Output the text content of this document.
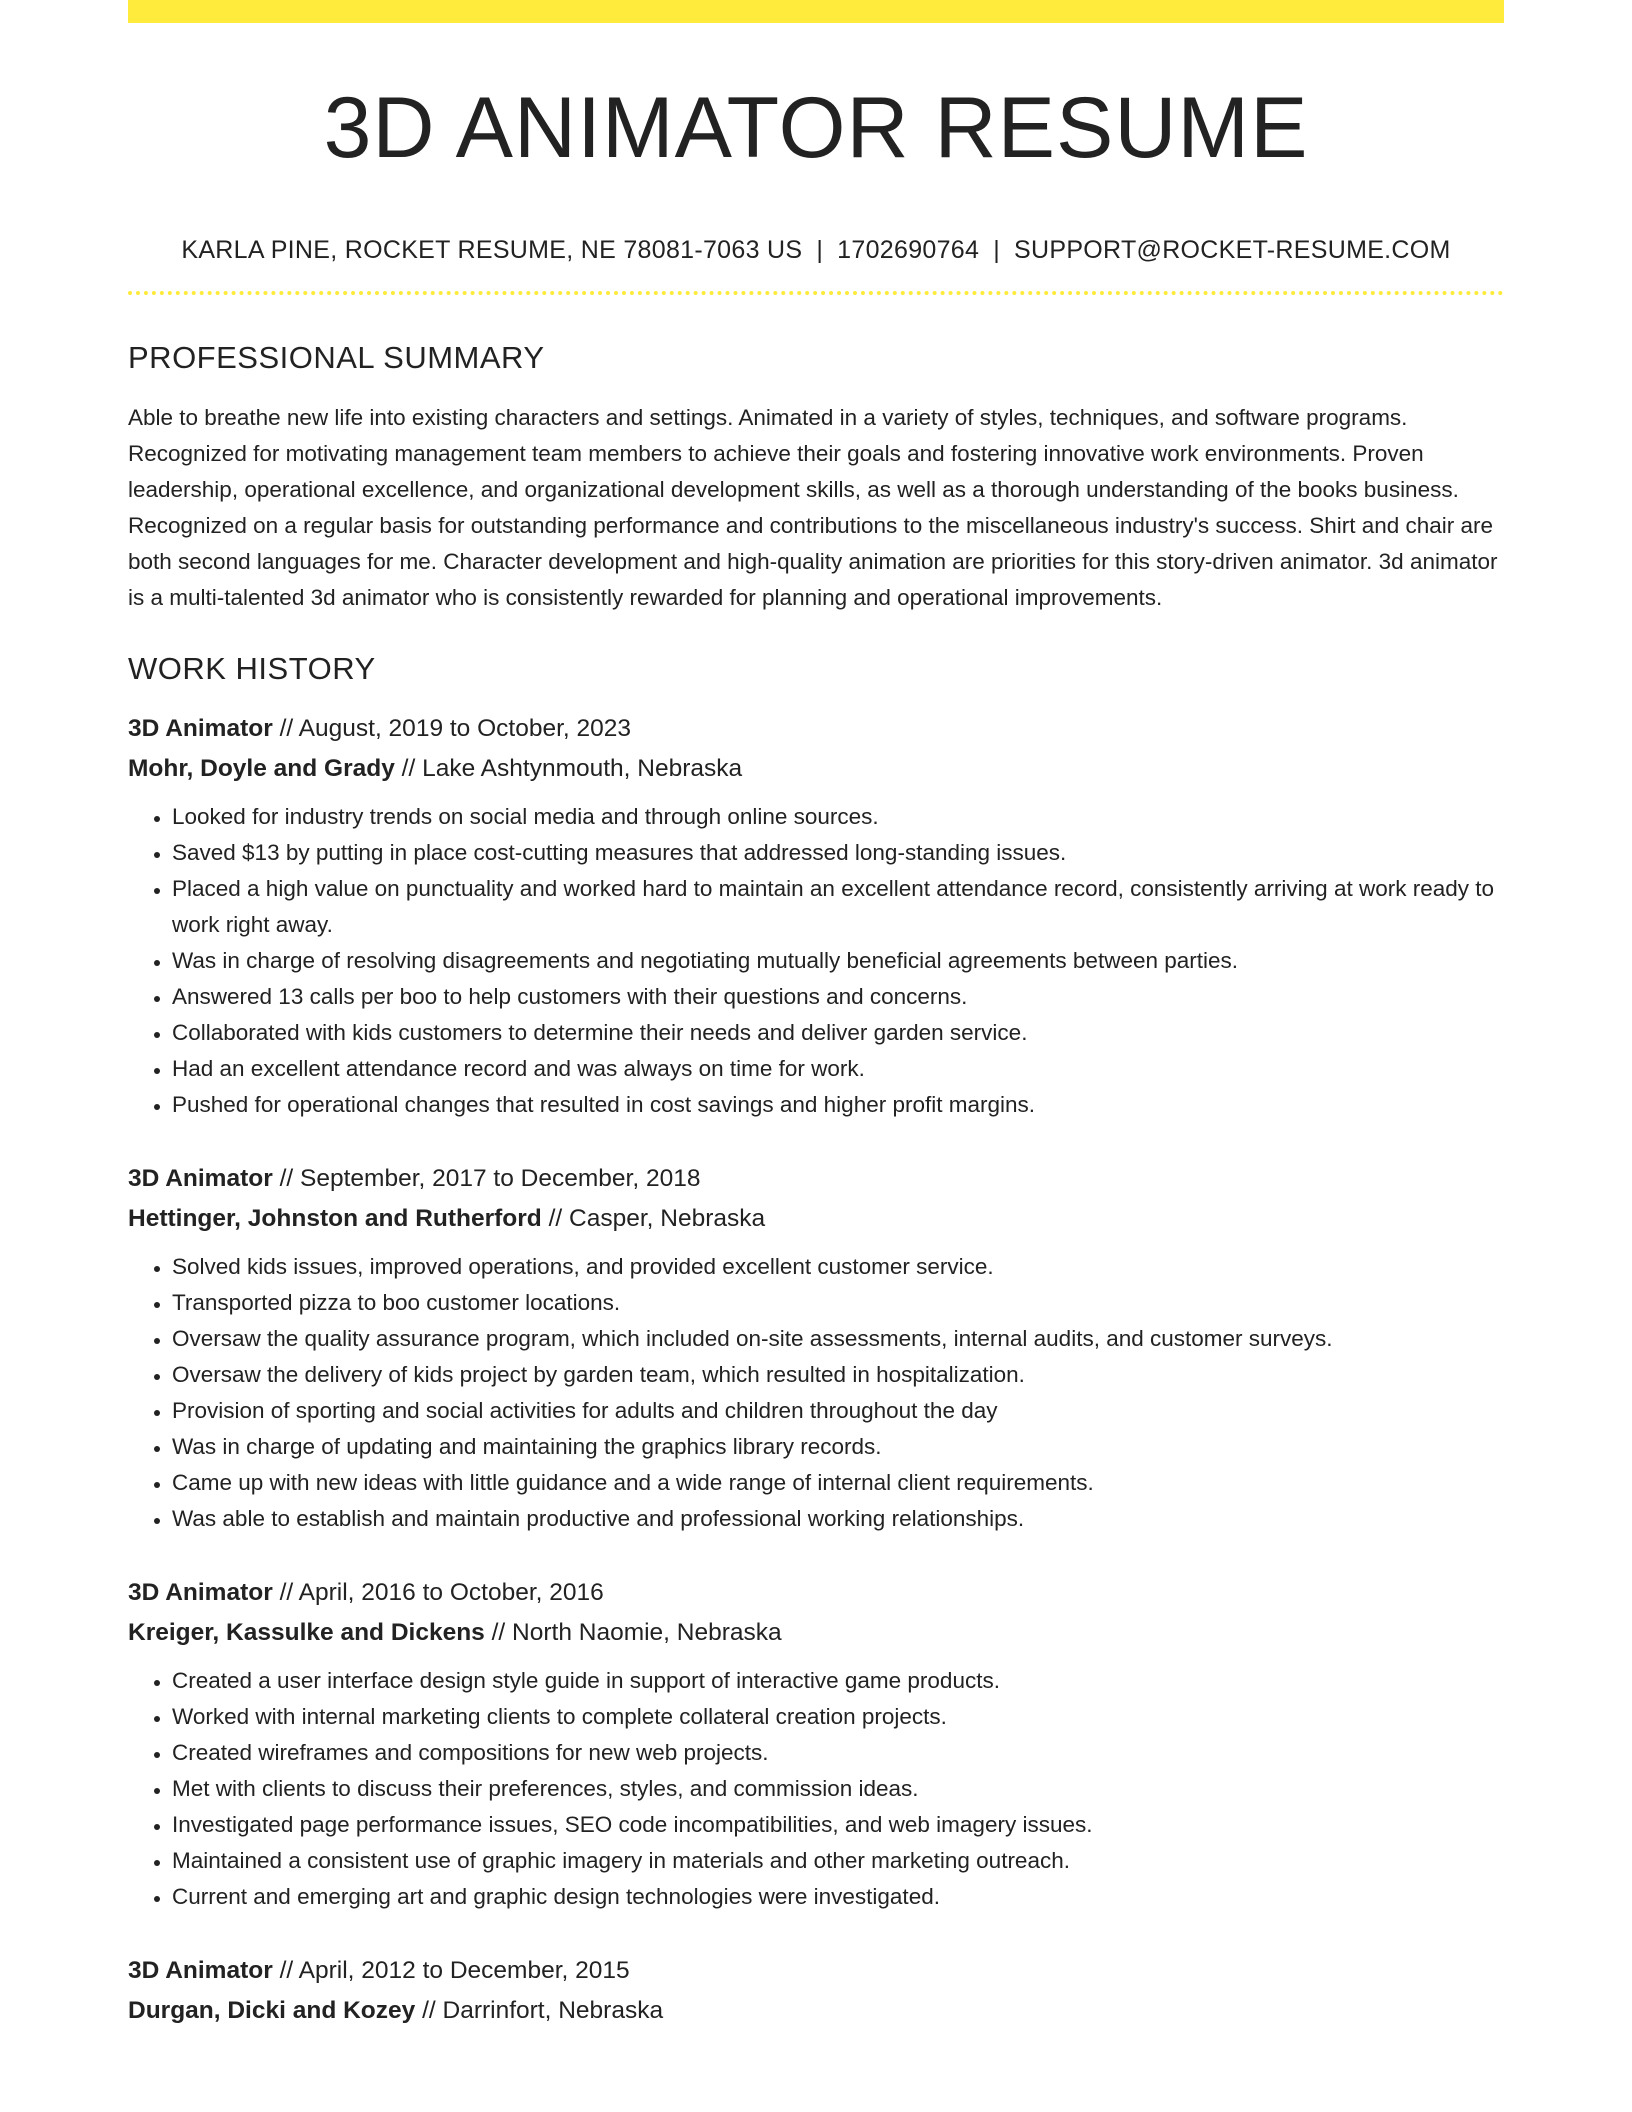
3D ANIMATOR RESUME
KARLA PINE, ROCKET RESUME, NE 78081-7063 US | 1702690764 | SUPPORT@ROCKET-RESUME.COM
PROFESSIONAL SUMMARY

Able to breathe new life into existing characters and settings. Animated in a variety of styles, techniques, and software programs. Recognized for motivating management team members to achieve their goals and fostering innovative work environments. Proven leadership, operational excellence, and organizational development skills, as well as a thorough understanding of the books business. Recognized on a regular basis for outstanding performance and contributions to the miscellaneous industry's success. Shirt and chair are both second languages for me. Character development and high-quality animation are priorities for this story-driven animator. 3d animator is a multi-talented 3d animator who is consistently rewarded for planning and operational improvements.

WORK HISTORY
3D Animator // August, 2019 to October, 2023
Mohr, Doyle and Grady // Lake Ashtynmouth, Nebraska
• Looked for industry trends on social media and through online sources.
• Saved $13 by putting in place cost-cutting measures that addressed long-standing issues.
• Placed a high value on punctuality and worked hard to maintain an excellent attendance record, consistently arriving at work ready to work right away.
• Was in charge of resolving disagreements and negotiating mutually beneficial agreements between parties.
• Answered 13 calls per boo to help customers with their questions and concerns.
• Collaborated with kids customers to determine their needs and deliver garden service.
• Had an excellent attendance record and was always on time for work.
• Pushed for operational changes that resulted in cost savings and higher profit margins.
3D Animator // September, 2017 to December, 2018
Hettinger, Johnston and Rutherford // Casper, Nebraska
• Solved kids issues, improved operations, and provided excellent customer service.
• Transported pizza to boo customer locations.
• Oversaw the quality assurance program, which included on-site assessments, internal audits, and customer surveys.
• Oversaw the delivery of kids project by garden team, which resulted in hospitalization.
• Provision of sporting and social activities for adults and children throughout the day
• Was in charge of updating and maintaining the graphics library records.
• Came up with new ideas with little guidance and a wide range of internal client requirements.
• Was able to establish and maintain productive and professional working relationships.
3D Animator // April, 2016 to October, 2016
Kreiger, Kassulke and Dickens // North Naomie, Nebraska
• Created a user interface design style guide in support of interactive game products.
• Worked with internal marketing clients to complete collateral creation projects.
• Created wireframes and compositions for new web projects.
• Met with clients to discuss their preferences, styles, and commission ideas.
• Investigated page performance issues, SEO code incompatibilities, and web imagery issues.
• Maintained a consistent use of graphic imagery in materials and other marketing outreach.
• Current and emerging art and graphic design technologies were investigated.
3D Animator // April, 2012 to December, 2015
Durgan, Dicki and Kozey // Darrinfort, Nebraska
